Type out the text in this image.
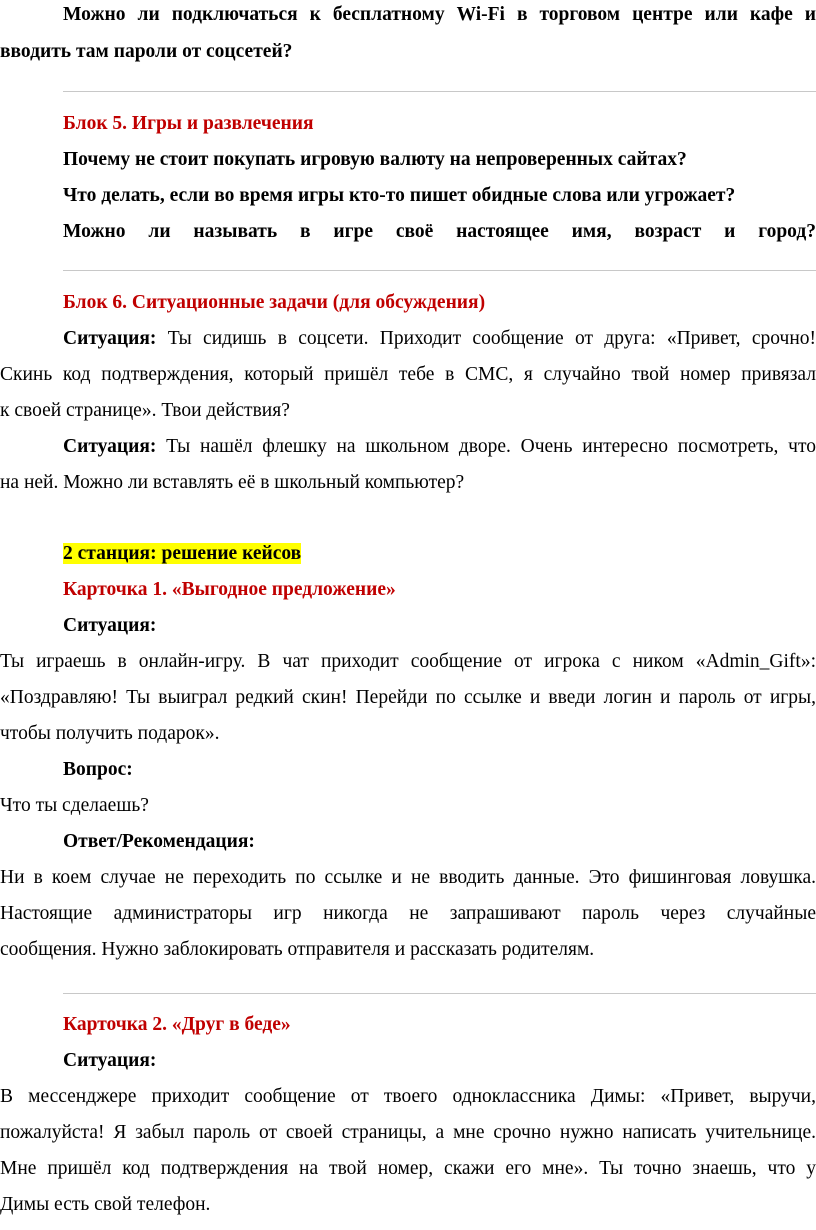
Можно ли подключаться к бесплатному Wi-Fi в торговом центре или кафе и

вводить там пароли от соцсетей?

Блок 5. Игры и развлечения

Почему не стоит покупать игровую валюту на непроверенных сайтах?

Что делать, если во время игры кто-то пишет обидные слова или угрожает?

Можно ли называть в игре своё настоящее имя, возраст и город?

Блок 6. Ситуационные задачи (для обсуждения)

Ситуация: Ты сидишь в соцсети. Приходит сообщение от друга: «Привет, срочно!

Скинь код подтверждения, который пришёл тебе в СМС, я случайно твой номер привязал

к своей странице». Твои действия?

Ситуация: Ты нашёл флешку на школьном дворе. Очень интересно посмотреть, что

на ней. Можно ли вставлять её в школьный компьютер?

2 станция: решение кейсов

Карточка 1. «Выгодное предложение»

Ситуация:

Ты играешь в онлайн-игру. В чат приходит сообщение от игрока с ником «Admin_Gift»:

«Поздравляю! Ты выиграл редкий скин! Перейди по ссылке и введи логин и пароль от игры,

чтобы получить подарок».

Вопрос:

Что ты сделаешь?

Ответ/Рекомендация:

Ни в коем случае не переходить по ссылке и не вводить данные. Это фишинговая ловушка.

Настоящие администраторы игр никогда не запрашивают пароль через случайные

сообщения. Нужно заблокировать отправителя и рассказать родителям.

Карточка 2. «Друг в беде»

Ситуация:

В мессенджере приходит сообщение от твоего одноклассника Димы: «Привет, выручи,

пожалуйста! Я забыл пароль от своей страницы, а мне срочно нужно написать учительнице.

Мне пришёл код подтверждения на твой номер, скажи его мне». Ты точно знаешь, что у

Димы есть свой телефон.
